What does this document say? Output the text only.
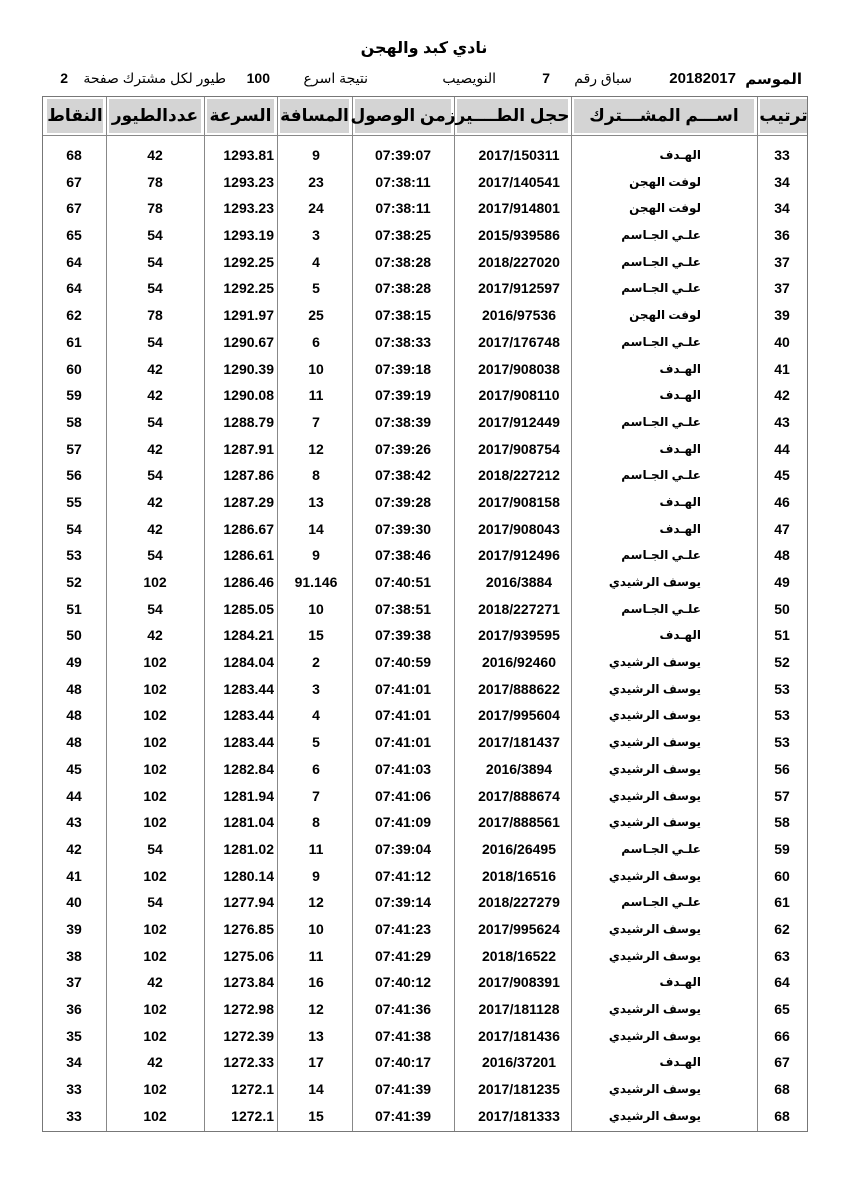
نادي كبد والهجن
الموسم
20182017
سباق رقم
7
النويصيب
نتيجة اسرع
100
طيور لكل مشترك صفحة
2
النقاط عددالطيور السرعة المسافة زمن الوصول حجل الطــــير	اســـم المشـــترك	ترتيب
33
الهـدف
2017/150311
07:39:07
9
1293.81
42
68
34
لوفت الهجن
2017/140541
07:38:11
23
1293.23
78
67
34
لوفت الهجن
2017/914801
07:38:11
24
1293.23
78
67
36
علـي الجـاسم
2015/939586
07:38:25
3
1293.19
54
65
37
علـي الجـاسم
2018/227020
07:38:28
4
1292.25
54
64
37
علـي الجـاسم
2017/912597
07:38:28
5
1292.25
54
64
39
لوفت الهجن
2016/97536
07:38:15
25
1291.97
78
62
40
علـي الجـاسم
2017/176748
07:38:33
6
1290.67
54
61
41
الهـدف
2017/908038
07:39:18
10
1290.39
42
60
42
الهـدف
2017/908110
07:39:19
11
1290.08
42
59
43
علـي الجـاسم
2017/912449
07:38:39
7
1288.79
54
58
44
الهـدف
2017/908754
07:39:26
12
1287.91
42
57
45
علـي الجـاسم
2018/227212
07:38:42
8
1287.86
54
56
46
الهـدف
2017/908158
07:39:28
13
1287.29
42
55
47
الهـدف
2017/908043
07:39:30
14
1286.67
42
54
48
علـي الجـاسم
2017/912496
07:38:46
9
1286.61
54
53
49
يوسف الرشيدي
2016/3884
07:40:51
91.146
1286.46
102
52
50
علـي الجـاسم
2018/227271
07:38:51
10
1285.05
54
51
51
الهـدف
2017/939595
07:39:38
15
1284.21
42
50
52
يوسف الرشيدي
2016/92460
07:40:59
2
1284.04
102
49
53
يوسف الرشيدي
2017/888622
07:41:01
3
1283.44
102
48
53
يوسف الرشيدي
2017/995604
07:41:01
4
1283.44
102
48
53
يوسف الرشيدي
2017/181437
07:41:01
5
1283.44
102
48
56
يوسف الرشيدي
2016/3894
07:41:03
6
1282.84
102
45
57
يوسف الرشيدي
2017/888674
07:41:06
7
1281.94
102
44
58
يوسف الرشيدي
2017/888561
07:41:09
8
1281.04
102
43
59
علـي الجـاسم
2016/26495
07:39:04
11
1281.02
54
42
60
يوسف الرشيدي
2018/16516
07:41:12
9
1280.14
102
41
61
علـي الجـاسم
2018/227279
07:39:14
12
1277.94
54
40
62
يوسف الرشيدي
2017/995624
07:41:23
10
1276.85
102
39
63
يوسف الرشيدي
2018/16522
07:41:29
11
1275.06
102
38
64
الهـدف
2017/908391
07:40:12
16
1273.84
42
37
65
يوسف الرشيدي
2017/181128
07:41:36
12
1272.98
102
36
66
يوسف الرشيدي
2017/181436
07:41:38
13
1272.39
102
35
67
الهـدف
2016/37201
07:40:17
17
1272.33
42
34
68
يوسف الرشيدي
2017/181235
07:41:39
14
1272.1
102
33
68
يوسف الرشيدي
2017/181333
07:41:39
15
1272.1
102
33
